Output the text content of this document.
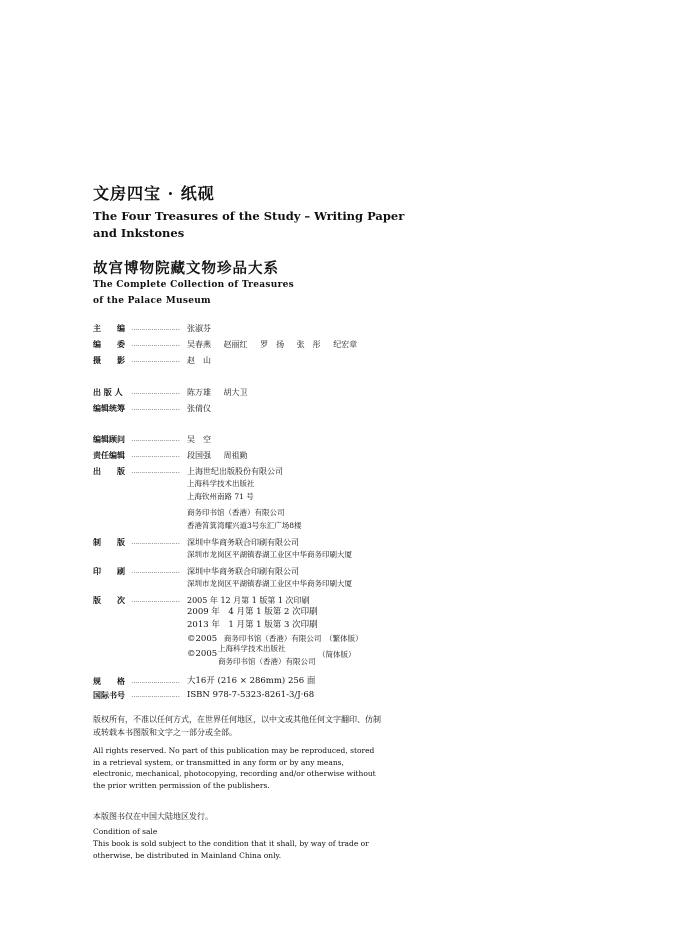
文房四宝 · 纸砚
The Four Treasures of the Study – Writing Paper
and Inkstones
故宫博物院藏文物珍品大系
The Complete Collection of Treasures
of the Palace Museum
主　　编 ……………………	张淑芬
编　　委 ……………………	吴春燕 赵丽红 罗　扬 张　彤 纪宏章
摄　　影 ……………………	赵　山
出 版 人	……………………	陈万雄 胡大卫
编辑统筹 ……………………	张倩仪
编辑顾问 ……………………	吴　空
责任编辑 ……………………	段国强 周祖勤
出　　版 ……………………	上海世纪出版股份有限公司
上海科学技术出版社
上海钦州南路 71 号
商务印书馆（香港）有限公司
香港筲箕湾耀兴道3号东汇广场8楼
制　　版 ……………………	深圳中华商务联合印刷有限公司
深圳市龙岗区平湖镇春湖工业区中华商务印刷大厦
印　　刷 ……………………	深圳中华商务联合印刷有限公司
深圳市龙岗区平湖镇春湖工业区中华商务印刷大厦
版　　次 ……………………	2005 年 12 月第 1 版第 1 次印刷
2009 年　4 月第 1 版第 2 次印刷
2013 年　1 月第 1 版第 3 次印刷
©2005 商务印书馆（香港）有限公司　（繁体版）
©2005
上海科学技术出版社
商务印书馆（香港）有限公司
（简体版）
规　　格 …………………… 大16开 (216 × 286mm) 256 面
国际书号 …………………… ISBN 978-7-5323-8261-3/J·68
版权所有，不准以任何方式，在世界任何地区，以中文或其他任何文字翻印、仿制或转载本书图版和文字之一部分或全部。
All rights reserved. No part of this publication may be reproduced, stored in a retrieval system, or transmitted in any form or by any means, electronic, mechanical, photocopying, recording and/or otherwise without the prior written permission of the publishers.
本版图书仅在中国大陆地区发行。
Condition of sale
This book is sold subject to the condition that it shall, by way of trade or otherwise, be distributed in Mainland China only.
